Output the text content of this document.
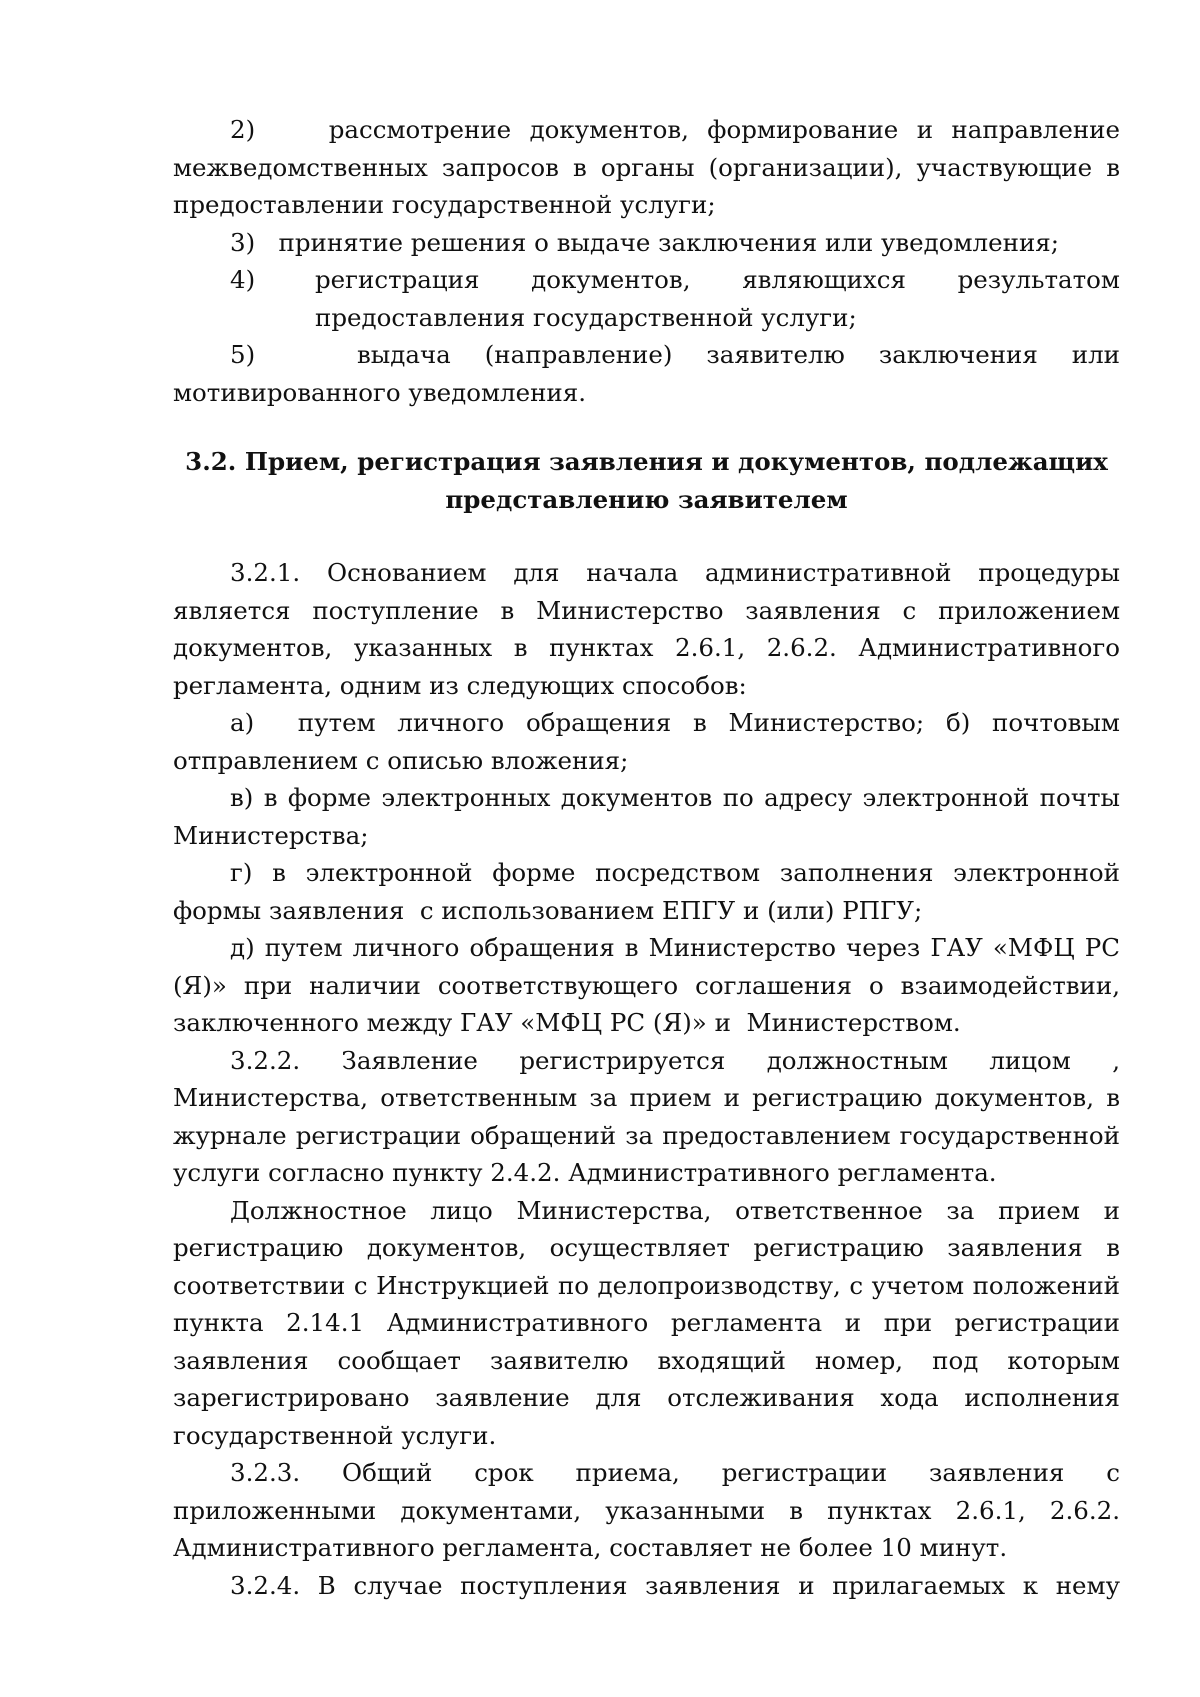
2)    рассмотрение документов, формирование и направление межведомственных запросов в органы (организации), участвующие в предоставлении государственной услуги;

3)   принятие решения о выдаче заключения или уведомления;

4) регистрация документов, являющихся результатом предоставления государственной услуги;

5)   выдача (направление) заявителю заключения или мотивированного уведомления.

3.2. Прием, регистрация заявления и документов, подлежащих
представлению заявителем

3.2.1. Основанием для начала административной процедуры является поступление в Министерство заявления с приложением документов, указанных в пунктах 2.6.1, 2.6.2. Административного регламента, одним из следующих способов:

а)  путем личного обращения в Министерство; б) почтовым отправлением с описью вложения;

в) в форме электронных документов по адресу электронной почты Министерства;

г) в электронной форме посредством заполнения электронной формы заявления  с использованием ЕПГУ и (или) РПГУ;

д) путем личного обращения в Министерство через ГАУ «МФЦ РС (Я)» при наличии соответствующего соглашения о взаимодействии, заключенного между ГАУ «МФЦ РС (Я)» и  Министерством.

3.2.2. Заявление регистрируется должностным лицом , Министерства, ответственным за прием и регистрацию документов, в журнале регистрации обращений за предоставлением государственной услуги согласно пункту 2.4.2. Административного регламента.

Должностное лицо Министерства, ответственное за прием и регистрацию документов, осуществляет регистрацию заявления в соответствии с Инструкцией по делопроизводству, с учетом положений пункта 2.14.1 Административного регламента и при регистрации заявления сообщает заявителю входящий номер, под которым зарегистрировано заявление для отслеживания хода исполнения государственной услуги.

3.2.3. Общий срок приема, регистрации заявления с приложенными документами, указанными в пунктах 2.6.1, 2.6.2. Административного регламента, составляет не более 10 минут.

3.2.4. В случае поступления заявления и прилагаемых к нему
